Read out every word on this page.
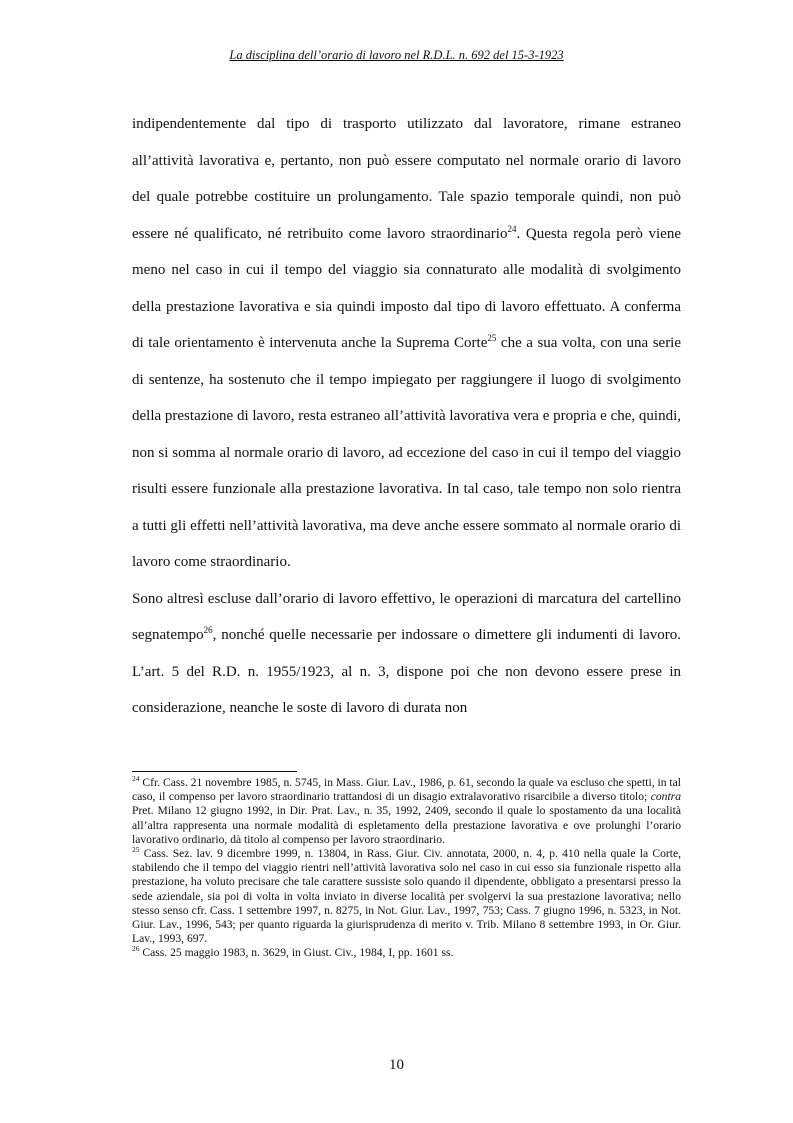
La disciplina dell’orario di lavoro nel R.D.L. n. 692 del 15-3-1923

indipendentemente dal tipo di trasporto utilizzato dal lavoratore, rimane estraneo all’attività lavorativa e, pertanto, non può essere computato nel normale orario di lavoro del quale potrebbe costituire un prolungamento. Tale spazio temporale quindi, non può essere né qualificato, né retribuito come lavoro straordinario$^{24}$. Questa regola però viene meno nel caso in cui il tempo del viaggio sia connaturato alle modalità di svolgimento della prestazione lavorativa e sia quindi imposto dal tipo di lavoro effettuato. A conferma di tale orientamento è intervenuta anche la Suprema Corte$^{25}$ che a sua volta, con una serie di sentenze, ha sostenuto che il tempo impiegato per raggiungere il luogo di svolgimento della prestazione di lavoro, resta estraneo all’attività lavorativa vera e propria e che, quindi, non si somma al normale orario di lavoro, ad eccezione del caso in cui il tempo del viaggio risulti essere funzionale alla prestazione lavorativa. In tal caso, tale tempo non solo rientra a tutti gli effetti nell’attività lavorativa, ma deve anche essere sommato al normale orario di lavoro come straordinario.

Sono altresì escluse dall’orario di lavoro effettivo, le operazioni di marcatura del cartellino segnatempo$^{26}$, nonché quelle necessarie per indossare o dimettere gli indumenti di lavoro. L’art. 5 del R.D. n. 1955/1923, al n. 3, dispone poi che non devono essere prese in considerazione, neanche le soste di lavoro di durata non

$^{24}$ Cfr. Cass. 21 novembre 1985, n. 5745, in Mass. Giur. Lav., 1986, p. 61, secondo la quale va escluso che spetti, in tal caso, il compenso per lavoro straordinario trattandosi di un disagio extralavorativo risarcibile a diverso titolo; contra Pret. Milano 12 giugno 1992, in Dir. Prat. Lav., n. 35, 1992, 2409, secondo il quale lo spostamento da una località all’altra rappresenta una normale modalità di espletamento della prestazione lavorativa e ove prolunghi l’orario lavorativo ordinario, dà titolo al compenso per lavoro straordinario.

$^{25}$ Cass. Sez. lav. 9 dicembre 1999, n. 13804, in Rass. Giur. Civ. annotata, 2000, n. 4, p. 410 nella quale la Corte, stabilendo che il tempo del viaggio rientri nell’attività lavorativa solo nel caso in cui esso sia funzionale rispetto alla prestazione, ha voluto precisare che tale carattere sussiste solo quando il dipendente, obbligato a presentarsi presso la sede aziendale, sia poi di volta in volta inviato in diverse località per svolgervi la sua prestazione lavorativa; nello stesso senso cfr. Cass. 1 settembre 1997, n. 8275, in Not. Giur. Lav., 1997, 753; Cass. 7 giugno 1996, n. 5323, in Not. Giur. Lav., 1996, 543; per quanto riguarda la giurisprudenza di merito v. Trib. Milano 8 settembre 1993, in Or. Giur. Lav., 1993, 697.

$^{26}$ Cass. 25 maggio 1983, n. 3629, in Giust. Civ., 1984, I, pp. 1601 ss.

10
